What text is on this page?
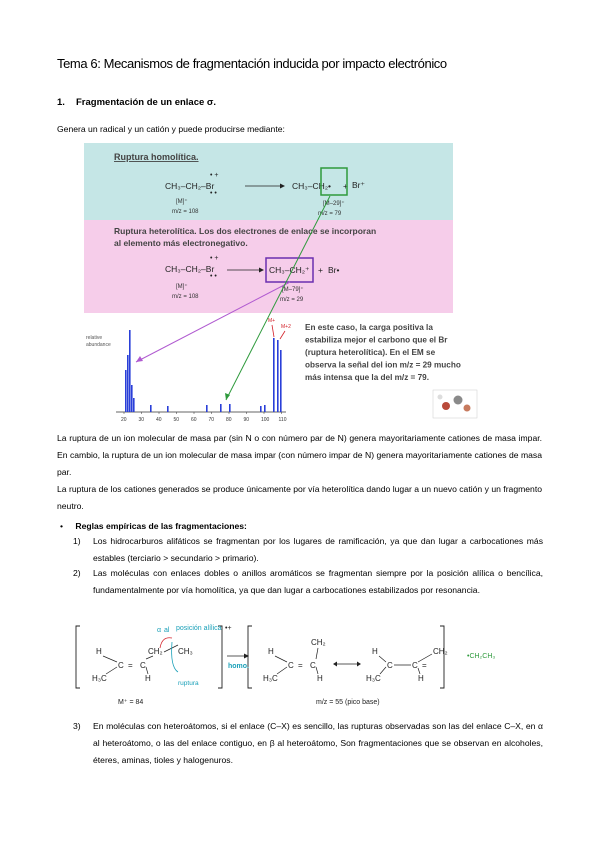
Tema 6: Mecanismos de fragmentación inducida por impacto electrónico
1. Fragmentación de un enlace σ.
Genera un radical y un catión y puede producirse mediante:
Ruptura homolítica.
CH₃–CH₂–Br
• +
• •
CH₃–CH₂• + Br⁺
[M]⁺
m/z = 108
[M–29]⁺
m/z = 79
Ruptura heterolítica. Los dos electrones de enlace se incorporan
al elemento más electronegativo.
CH₃–CH₂–Br
• +
• •
CH₃–CH₂⁺ + Br•
[M]⁺
m/z = 108
[M–79]⁺
m/z = 29
relative
abundance
20 30 40 50 60 70 80 90 100 110
M+
M+2 En este caso, la carga positiva la
estabiliza mejor el carbono que el Br
(ruptura heterolítica). En el EM se
observa la señal del ion m/z = 29 mucho
más intensa que la del m/z = 79.
La ruptura de un ion molecular de masa par (sin N o con número par de N) genera mayoritariamente cationes de masa impar. En cambio, la ruptura de un ion molecular de masa impar (con número impar de N) genera mayoritariamente cationes de masa par.
La ruptura de los cationes generados se produce únicamente por vía heterolítica dando lugar a un nuevo catión y un fragmento neutro.
• Reglas empíricas de las fragmentaciones:
1)	Los hidrocarburos alifáticos se fragmentan por los lugares de ramificación, ya que dan lugar a carbocationes más estables (terciario > secundario > primario).
2)	Las moléculas con enlaces dobles o anillos aromáticos se fragmentan siempre por la posición alílica o bencílica, fundamentalmente por vía homolítica, ya que dan lugar a carbocationes estabilizados por resonancia.
H
H₃C
C = C
CH₂
H
CH₃	H
H₃C
C = C
CH₂
H
H
H₃C
C C =
CH₂
H
α al posición alílica
ruptura
•+
homo.
•CH₂CH₃
M⁺ = 84	m/z = 55 (pico base)
3)	En moléculas con heteroátomos, si el enlace (C–X) es sencillo, las rupturas observadas son las del enlace C–X, en α al heteroátomo, o las del enlace contiguo, en β al heteroátomo, Son fragmentaciones que se observan en alcoholes, éteres, aminas, tioles y halogenuros.
